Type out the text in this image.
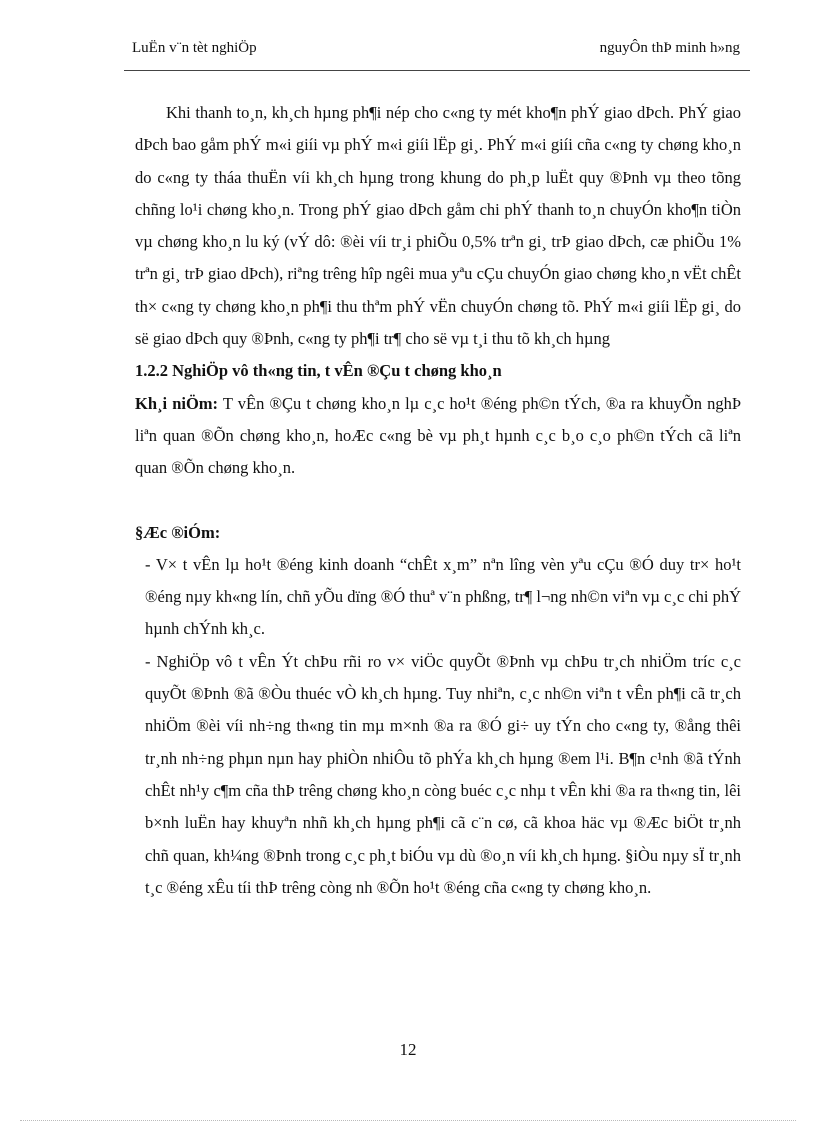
LuËn v¨n tèt nghiÖp	nguyÔn thÞ minh h»ng

Khi thanh to¸n, kh¸ch hµng ph¶i nép cho c«ng ty mét kho¶n phÝ giao dÞch. PhÝ giao dÞch bao gåm phÝ m«i giíi vµ phÝ m«i giíi lËp gi¸. PhÝ m«i giíi cña c«ng ty chøng kho¸n do c«ng ty tháa thuËn víi kh¸ch hµng trong khung do ph¸p luËt quy ®Þnh vµ theo tõng chñng lo¹i chøng kho¸n. Trong phÝ giao dÞch gåm chi phÝ thanh to¸n chuyÓn kho¶n tiÒn vµ chøng kho¸n lu ký (vÝ dô: ®èi víi tr¸i phiÕu 0,5% trªn gi¸ trÞ giao dÞch, cæ phiÕu 1% trªn gi¸ trÞ giao dÞch), riªng trêng hîp ngêi mua yªu cÇu chuyÓn giao chøng kho¸n vËt chÊt th× c«ng ty chøng kho¸n ph¶i thu thªm phÝ vËn chuyÓn chøng tõ. PhÝ m«i giíi lËp gi¸ do së giao dÞch quy ®Þnh, c«ng ty ph¶i tr¶ cho së vµ t¸i thu tõ kh¸ch hµng

1.2.2 NghiÖp vô th«ng tin, t vÊn ®Çu t chøng kho¸n

Kh¸i niÖm: T vÊn ®Çu t chøng kho¸n lµ c¸c ho¹t ®éng ph©n tÝch, ®a ra khuyÕn nghÞ liªn quan ®Õn chøng kho¸n, hoÆc c«ng bè vµ ph¸t hµnh c¸c b¸o c¸o ph©n tÝch cã liªn quan ®Õn chøng kho¸n.

§Æc ®iÓm:

- V× t vÊn lµ ho¹t ®éng kinh doanh “chÊt x¸m” nªn lîng vèn yªu cÇu ®Ó duy tr× ho¹t ®éng nµy kh«ng lín, chñ yÕu dïng ®Ó thuª v¨n phßng, tr¶ l¬ng nh©n viªn vµ c¸c chi phÝ hµnh chÝnh kh¸c.

- NghiÖp vô t vÊn Ýt chÞu rñi ro v× viÖc quyÕt ®Þnh vµ chÞu tr¸ch nhiÖm tríc c¸c quyÕt ®Þnh ®ã ®Òu thuéc vÒ kh¸ch hµng. Tuy nhiªn, c¸c nh©n viªn t vÊn ph¶i cã tr¸ch nhiÖm ®èi víi nh÷ng th«ng tin mµ m×nh ®a ra ®Ó gi÷ uy tÝn cho c«ng ty, ®ång thêi tr¸nh nh÷ng phµn nµn hay phiÒn nhiÔu tõ phÝa kh¸ch hµng ®em l¹i. B¶n c¹nh ®ã tÝnh chÊt nh¹y c¶m cña thÞ trêng chøng kho¸n còng buéc c¸c nhµ t vÊn khi ®a ra th«ng tin, lêi b×nh luËn hay khuyªn nhñ kh¸ch hµng ph¶i cã c¨n cø, cã khoa häc vµ ®Æc biÖt tr¸nh chñ quan, kh¼ng ®Þnh trong c¸c ph¸t biÓu vµ dù ®o¸n víi kh¸ch hµng. §iÒu nµy sÏ tr¸nh t¸c ®éng xÊu tíi thÞ trêng còng nh ®Õn ho¹t ®éng cña c«ng ty chøng kho¸n.

12
